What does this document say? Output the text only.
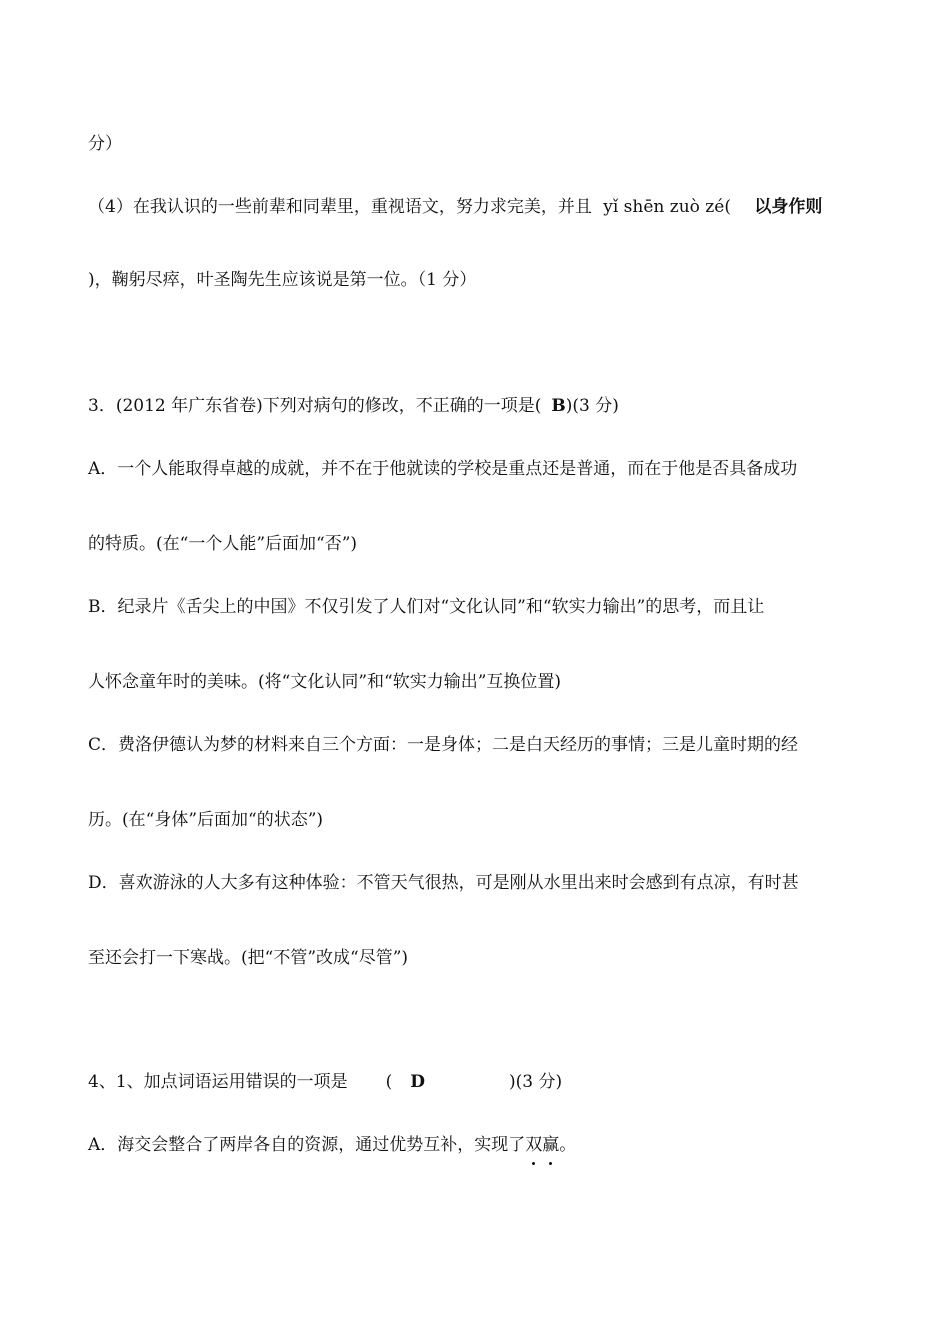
分）
（4）在我认识的一些前辈和同辈里，重视语文，努力求完美，并且 yǐ shēn zuò zé( 以身作则
)，鞠躬尽瘁，叶圣陶先生应该说是第一位。（1 分）
3．(2012 年广东省卷)下列对病句的修改，不正确的一项是( B)(3 分)
A．一个人能取得卓越的成就，并不在于他就读的学校是重点还是普通，而在于他是否具备成功
的特质。(在“一个人能”后面加“否”)
B．纪录片《舌尖上的中国》不仅引发了人们对“文化认同”和“软实力输出”的思考，而且让
人怀念童年时的美味。(将“文化认同”和“软实力输出”互换位置)
C．费洛伊德认为梦的材料来自三个方面：一是身体；二是白天经历的事情；三是儿童时期的经
历。(在“身体”后面加“的状态”)
D．喜欢游泳的人大多有这种体验：不管天气很热，可是刚从水里出来时会感到有点凉，有时甚
至还会打一下寒战。(把“不管”改成“尽管”)
4、1、加点词语运用错误的一项是 ( D	)(3 分)
A．海交会整合了两岸各自的资源，通过优势互补，实现了双赢
。
